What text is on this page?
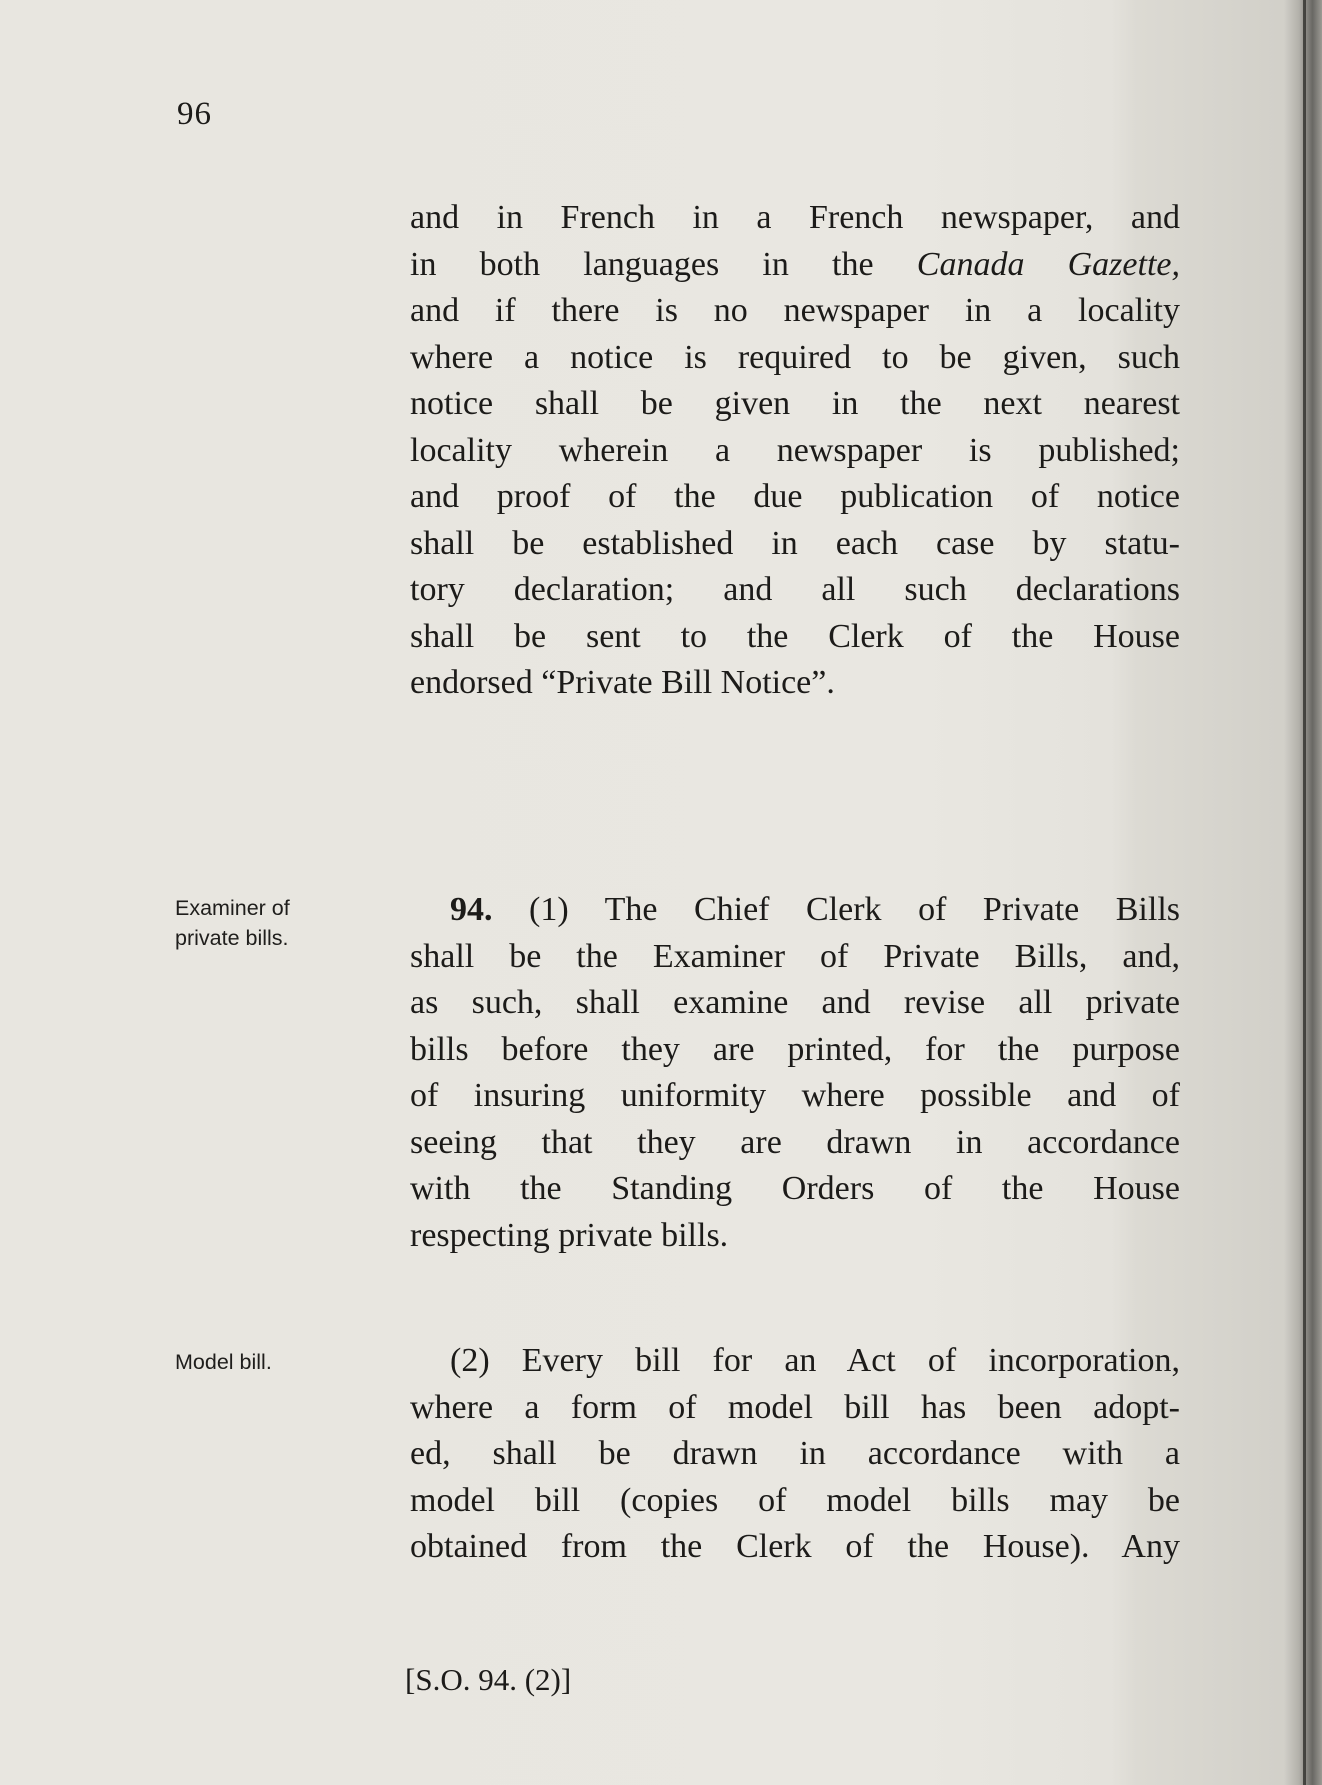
96
and in French in a French newspaper, and
in both languages in the Canada Gazette,
and if there is no newspaper in a locality
where a notice is required to be given, such
notice shall be given in the next nearest
locality wherein a newspaper is published;
and proof of the due publication of notice
shall be established in each case by statu-
tory declaration; and all such declarations
shall be sent to the Clerk of the House
endorsed “Private Bill Notice”.
Examiner of
private bills.
94. (1) The Chief Clerk of Private Bills
shall be the Examiner of Private Bills, and,
as such, shall examine and revise all private
bills before they are printed, for the purpose
of insuring uniformity where possible and of
seeing that they are drawn in accordance
with the Standing Orders of the House
respecting private bills.
Model bill.	(2) Every bill for an Act of incorporation,
where a form of model bill has been adopt-
ed, shall be drawn in accordance with a
model bill (copies of model bills may be
obtained from the Clerk of the House). Any
[S.O. 94. (2)]
